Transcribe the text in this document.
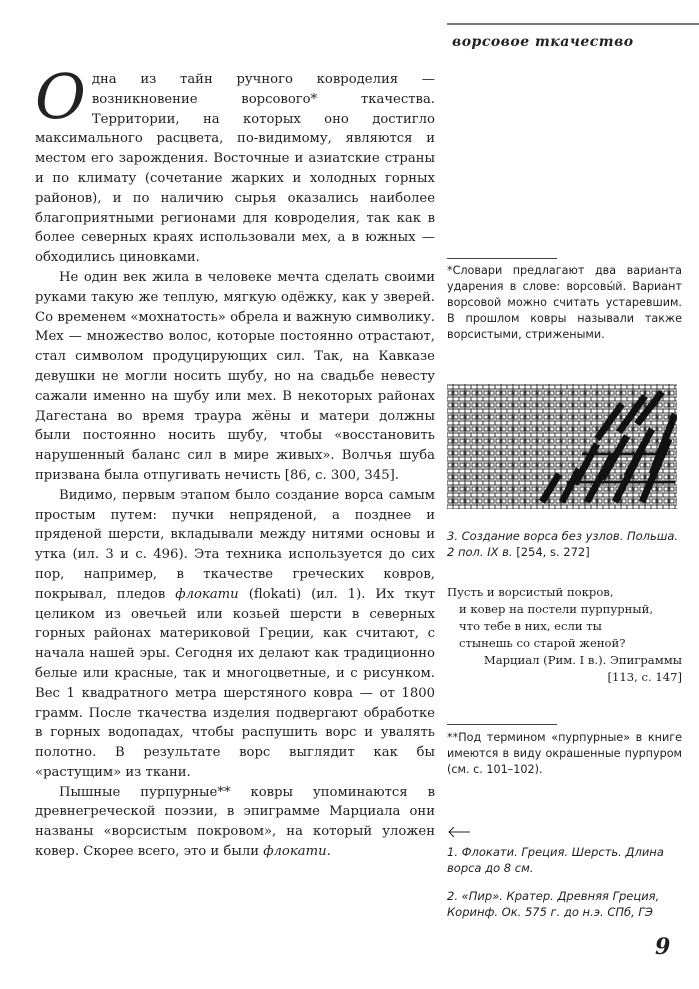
ворсовое ткачество

Одна из тайн ручного ковроделия — возникновение ворсового* ткачества. Территории, на которых оно достигло максимального расцвета, по-видимому, являются и местом его зарождения. Восточные и азиатские страны и по климату (сочетание жарких и холодных горных районов), и по наличию сырья оказались наиболее благоприятными регионами для ковроделия, так как в более северных краях использовали мех, а в южных — обходились циновками.

Не один век жила в человеке мечта сделать своими руками такую же теплую, мягкую одёжку, как у зверей. Со временем «мохнатость» обрела и важную символику. Мех — множество волос, которые постоянно отрастают, стал символом продуцирующих сил. Так, на Кавказе девушки не могли носить шубу, но на свадьбе невесту сажали именно на шубу или мех. В некоторых районах Дагестана во время траура жёны и матери должны были постоянно носить шубу, чтобы «восстановить нарушенный баланс сил в мире живых». Волчья шуба призвана была отпугивать нечисть [86, с. 300, 345].

Видимо, первым этапом было создание ворса самым простым путем: пучки непряденой, а позднее и пряденой шерсти, вкладывали между нитями основы и утка (ил. 3 и с. 496). Эта техника используется до сих пор, например, в ткачестве греческих ковров, покрывал, пледов флокати (flokati) (ил. 1). Их ткут целиком из овечьей или козьей шерсти в северных горных районах материковой Греции, как считают, с начала нашей эры. Сегодня их делают как традиционно белые или красные, так и многоцветные, и с рисунком. Вес 1 квадратного метра шерстяного ковра — от 1800 грамм. После ткачества изделия подвергают обработке в горных водопадах, чтобы распушить ворс и увалять полотно. В результате ворс выглядит как бы «растущим» из ткани.

Пышные пурпурные** ковры упоминаются в древнегреческой поэзии, в эпиграмме Марциала они названы «ворсистым покровом», на который уложен ковер. Скорее всего, это и были флокати.

*Словари предлагают два варианта ударения в слове: ворсовы́й. Вариант ворсовой можно считать устаревшим. В прошлом ковры называли также ворсистыми, стрижеными.
3. Создание ворса без узлов. Польша. 2 пол. IX в. [254, s. 272]
Пусть и ворсистый покров,
и ковер на постели пурпурный,
что тебе в них, если ты
стынешь со старой женой?
Марциал (Рим. I в.). Эпиграммы
[113, с. 147]
**Под термином «пурпурные» в книге имеются в виду окрашенные пурпуром (см. с. 101–102).
1. Флокати. Греция. Шерсть. Длина ворса до 8 см.
2. «Пир». Кратер. Древняя Греция, Коринф. Ок. 575 г. до н.э. СПб, ГЭ
9
